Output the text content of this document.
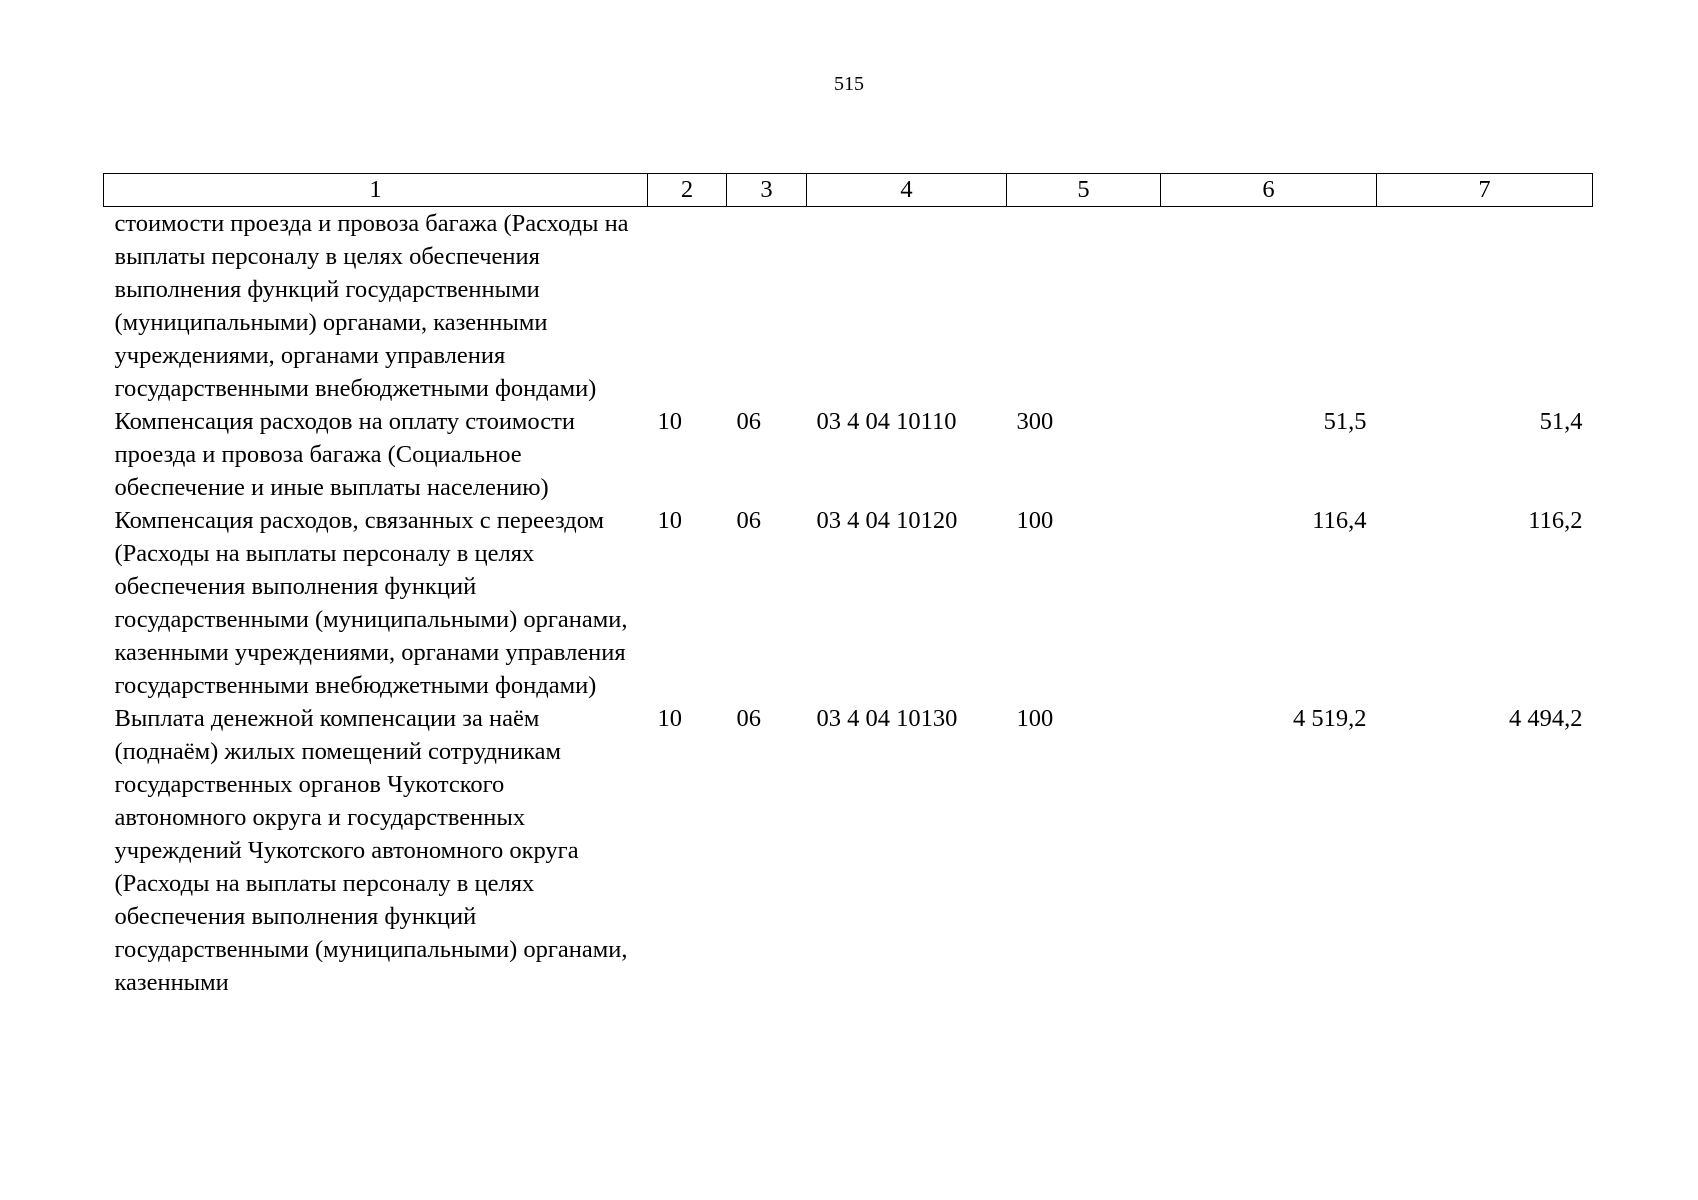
515
1	2	3	4	5	6	7
стоимости проезда и провоза багажа (Расходы на выплаты персоналу в целях обеспечения выполнения функций государственными (муниципальными) органами, казенными учреждениями, органами управления государственными внебюджетными фондами)						
Компенсация расходов на оплату стоимости проезда и провоза багажа (Социальное обеспечение и иные выплаты населению)	10	06	03 4 04 10110	300	51,5	51,4
Компенсация расходов, связанных с переездом (Расходы на выплаты персоналу в целях обеспечения выполнения функций государственными (муниципальными) органами, казенными учреждениями, органами управления государственными внебюджетными фондами)	10	06	03 4 04 10120	100	116,4	116,2
Выплата денежной компенсации за наём (поднаём) жилых помещений сотрудникам государственных органов Чукотского автономного округа и государственных учреждений Чукотского автономного округа (Расходы на выплаты персоналу в целях обеспечения выполнения функций государственными (муниципальными) органами, казенными	10	06	03 4 04 10130	100	4 519,2	4 494,2
